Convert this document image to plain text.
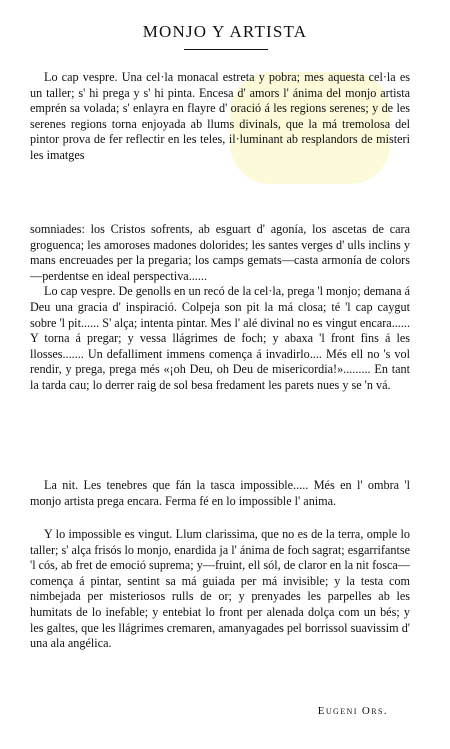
MONJO Y ARTISTA

Lo cap vespre. Una cel·la monacal estreta y pobra; mes aquesta cel·la es un taller; s' hi prega y s' hi pinta. Encesa d' amors l' ánima del monjo artista emprén sa volada; s' enlayra en flayre d' oració á les regions serenes; y de les serenes regions torna enjoyada ab llums divinals, que la má tremolosa del pintor prova de fer reflectir en les teles, il·luminant ab resplandors de misteri les imatges

somniades: los Cristos sofrents, ab esguart d' agonía, los ascetas de cara groguenca; les amoroses madones dolorides; les santes verges d' ulls inclins y mans encreuades per la pregaria; los camps gemats—casta armonía de colors—perdentse en ideal perspectiva......

Lo cap vespre. De genolls en un recó de la cel·la, prega 'l monjo; demana á Deu una gracia d' inspiració. Colpeja son pit la má closa; té 'l cap caygut sobre 'l pit...... S' alça; intenta pintar. Mes l' alé divinal no es vingut encara...... Y torna á pregar; y vessa llágrimes de foch; y abaxa 'l front fins á les llosses....... Un defalliment immens comença á invadirlo.... Més ell no 's vol rendir, y prega, prega més «¡oh Deu, oh Deu de misericordia!»......... En tant la tarda cau; lo derrer raig de sol besa fredament les parets nues y se 'n vá.

La nit. Les tenebres que fán la tasca impossible..... Més en l' ombra 'l monjo artista prega encara. Ferma fé en lo impossible l' anima.

Y lo impossible es vingut. Llum clarissima, que no es de la terra, omple lo taller; s' alça frisós lo monjo, enardida ja l' ánima de foch sagrat; esgarrifantse 'l cós, ab fret de emoció suprema; y—fruint, ell sól, de claror en la nit fosca—comença á pintar, sentint sa má guiada per má invisible; y la testa com nimbejada per misteriosos rulls de or; y prenyades les parpelles ab les humitats de lo inefable; y entebiat lo front per alenada dolça com un bés; y les galtes, que les llágrimes cremaren, amanyagades pel borrissol suavissim d' una ala angélica.

Eugeni Ors.
